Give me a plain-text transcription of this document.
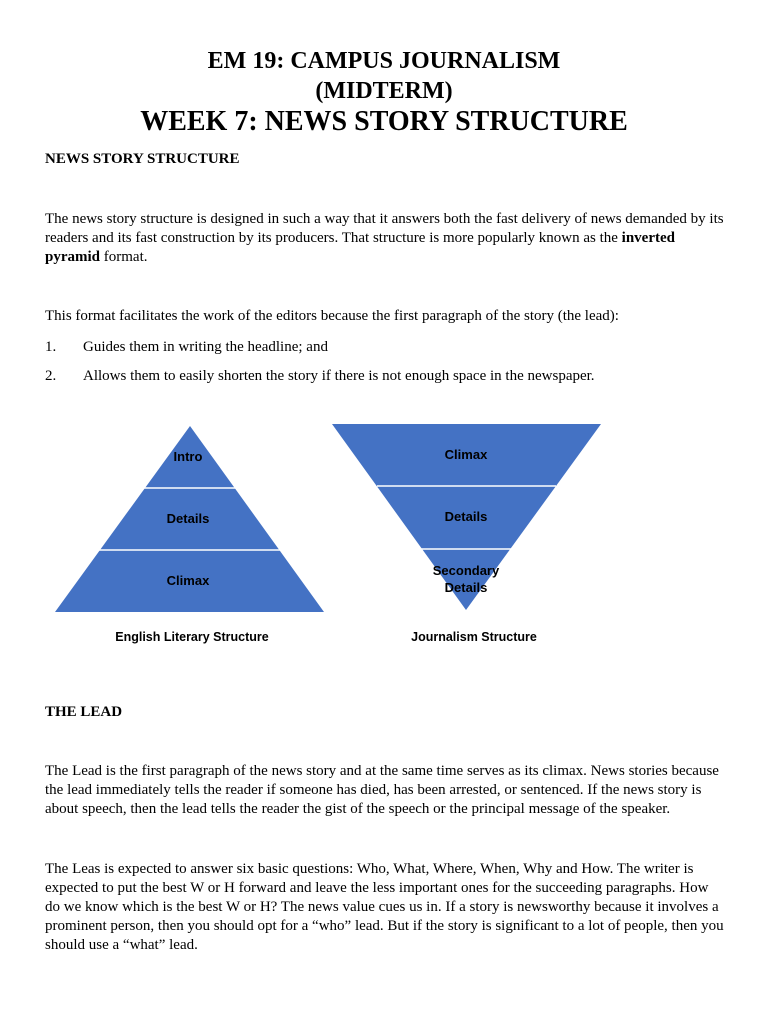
EM 19: CAMPUS JOURNALISM
(MIDTERM)
WEEK 7: NEWS STORY STRUCTURE

NEWS STORY STRUCTURE

The news story structure is designed in such a way that it answers both the fast delivery of news demanded by its readers and its fast construction by its producers. That structure is more popularly known as the inverted pyramid format.

This format facilitates the work of the editors because the first paragraph of the story (the lead):

1. Guides them in writing the headline; and
2. Allows them to easily shorten the story if there is not enough space in the newspaper.
Intro
Details
Climax
English Literary Structure
Climax
Details
Secondary
Details
Journalism Structure

THE LEAD

The Lead is the first paragraph of the news story and at the same time serves as its climax. News stories because the lead immediately tells the reader if someone has died, has been arrested, or sentenced. If the news story is about speech, then the lead tells the reader the gist of the speech or the principal message of the speaker.

The Leas is expected to answer six basic questions: Who, What, Where, When, Why and How. The writer is expected to put the best W or H forward and leave the less important ones for the succeeding paragraphs. How do we know which is the best W or H? The news value cues us in. If a story is newsworthy because it involves a prominent person, then you should opt for a “who” lead. But if the story is significant to a lot of people, then you should use a “what” lead.
